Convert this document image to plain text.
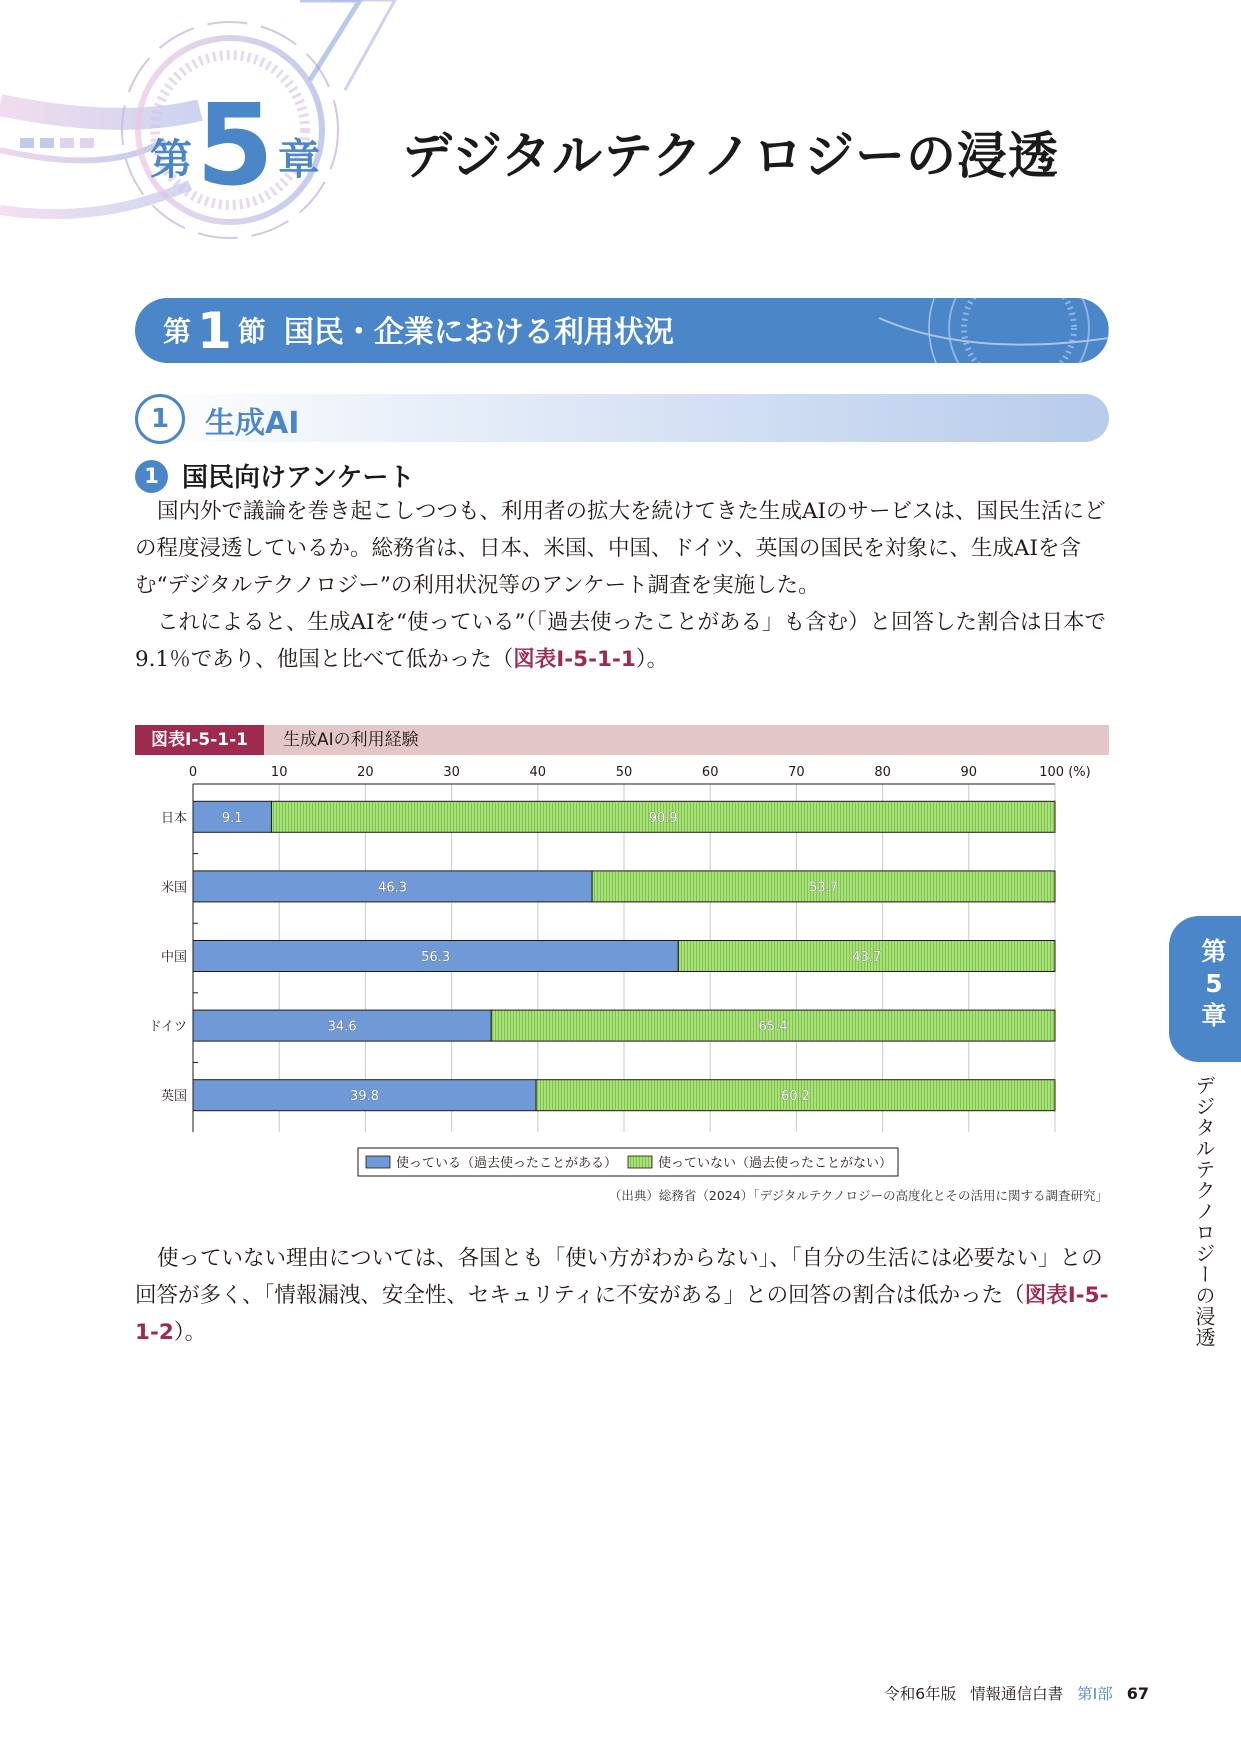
第 5 章 デジタルテクノロジーの浸透
第 1 節 国民・企業における利用状況
1	生成AI
1 国民向けアンケート

国内外で議論を巻き起こしつつも、利用者の拡大を続けてきた生成AIのサービスは、国民生活にどの程度浸透しているか。総務省は、日本、米国、中国、ドイツ、英国の国民を対象に、生成AIを含む“デジタルテクノロジー”の利用状況等のアンケート調査を実施した。

これによると、生成AIを“使っている”（「過去使ったことがある」も含む）と回答した割合は日本で9.1％であり、他国と比べて低かった（図表Ⅰ-5-1-1）。

図表Ⅰ-5-1-1	生成AIの利用経験
0	10	20	30	40	50	60	70	80	90	100 (%)
日本	9.1	90.9
米国	46.3	53.7
中国	56.3	43.7
ドイツ	34.6	65.4
英国	39.8	60.2
使っている（過去使ったことがある）	使っていない（過去使ったことがない）
（出典）総務省（2024）「デジタルテクノロジーの高度化とその活用に関する調査研究」

使っていない理由については、各国とも「使い方がわからない」、「自分の生活には必要ない」との回答が多く、「情報漏洩、安全性、セキュリティに不安がある」との回答の割合は低かった（図表Ⅰ-5-1-2）。

第
5
章
デジタルテクノロジーの浸透
令和6年版 情報通信白書 第Ⅰ部 67
